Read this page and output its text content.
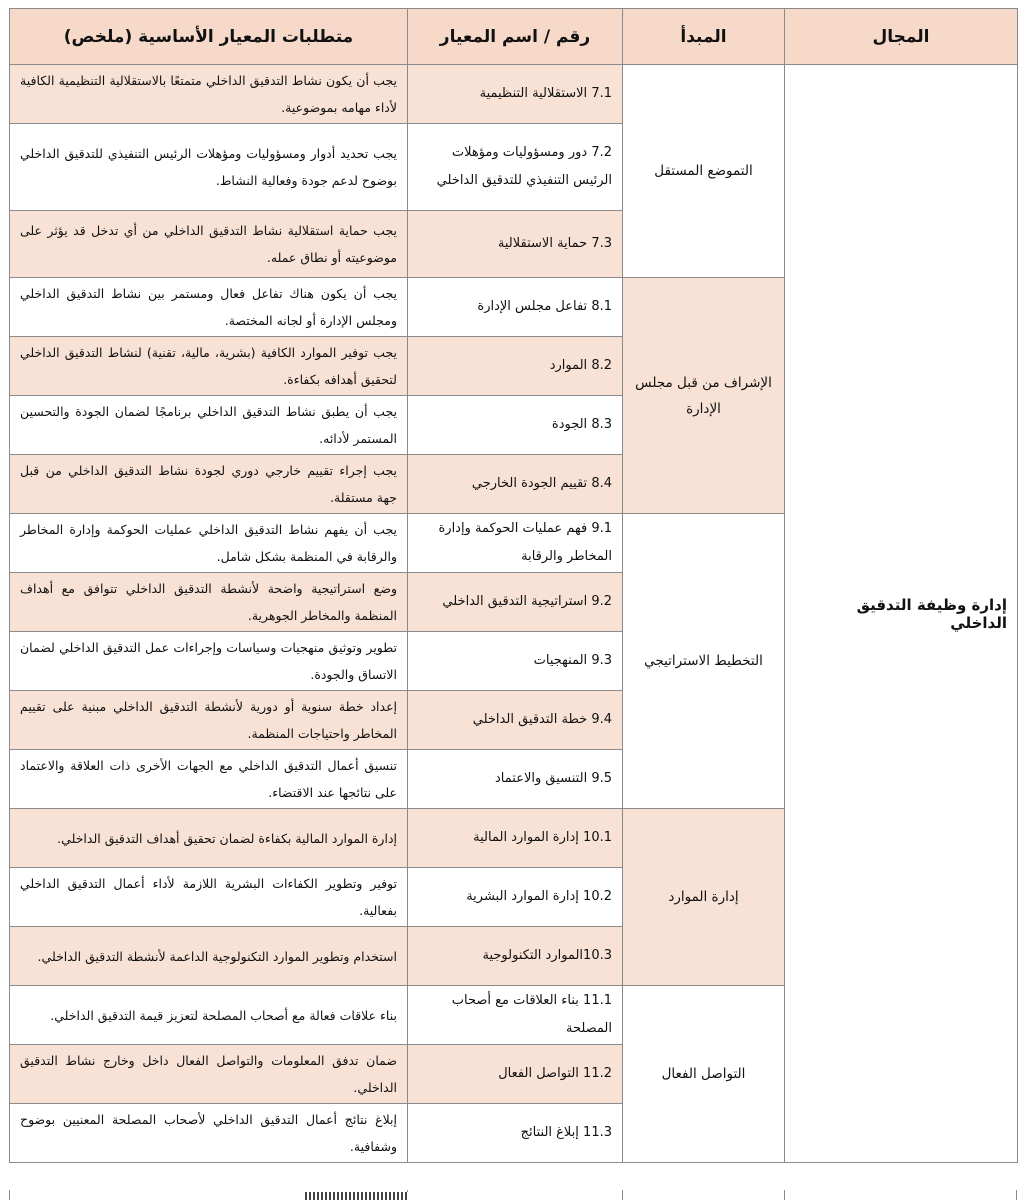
المجال	المبدأ	رقم / اسم المعيار	متطلبات المعيار الأساسية (ملخص)
إدارة وظيفة التدقيق الداخلي	التموضع المستقل	7.1 الاستقلالية التنظيمية	يجب أن يكون نشاط التدقيق الداخلي متمتعًا بالاستقلالية التنظيمية الكافية لأداء مهامه بموضوعية.
		7.2 دور ومسؤوليات ومؤهلات الرئيس التنفيذي للتدقيق الداخلي	يجب تحديد أدوار ومسؤوليات ومؤهلات الرئيس التنفيذي للتدقيق الداخلي بوضوح لدعم جودة وفعالية النشاط.
		7.3 حماية الاستقلالية	يجب حماية استقلالية نشاط التدقيق الداخلي من أي تدخل قد يؤثر على موضوعيته أو نطاق عمله.
	الإشراف من قبل مجلس الإدارة	8.1 تفاعل مجلس الإدارة	يجب أن يكون هناك تفاعل فعال ومستمر بين نشاط التدقيق الداخلي ومجلس الإدارة أو لجانه المختصة.
		8.2 الموارد	يجب توفير الموارد الكافية (بشرية، مالية، تقنية) لنشاط التدقيق الداخلي لتحقيق أهدافه بكفاءة.
		8.3 الجودة	يجب أن يطبق نشاط التدقيق الداخلي برنامجًا لضمان الجودة والتحسين المستمر لأدائه.
		8.4 تقييم الجودة الخارجي	يجب إجراء تقييم خارجي دوري لجودة نشاط التدقيق الداخلي من قبل جهة مستقلة.
	التخطيط الاستراتيجي	9.1 فهم عمليات الحوكمة وإدارة المخاطر والرقابة	يجب أن يفهم نشاط التدقيق الداخلي عمليات الحوكمة وإدارة المخاطر والرقابة في المنظمة بشكل شامل.
		9.2 استراتيجية التدقيق الداخلي	وضع استراتيجية واضحة لأنشطة التدقيق الداخلي تتوافق مع أهداف المنظمة والمخاطر الجوهرية.
		9.3 المنهجيات	تطوير وتوثيق منهجيات وسياسات وإجراءات عمل التدقيق الداخلي لضمان الاتساق والجودة.
		9.4 خطة التدقيق الداخلي	إعداد خطة سنوية أو دورية لأنشطة التدقيق الداخلي مبنية على تقييم المخاطر واحتياجات المنظمة.
		9.5 التنسيق والاعتماد	تنسيق أعمال التدقيق الداخلي مع الجهات الأخرى ذات العلاقة والاعتماد على نتائجها عند الاقتضاء.
	إدارة الموارد	10.1 إدارة الموارد المالية	إدارة الموارد المالية بكفاءة لضمان تحقيق أهداف التدقيق الداخلي.
		10.2 إدارة الموارد البشرية	توفير وتطوير الكفاءات البشرية اللازمة لأداء أعمال التدقيق الداخلي بفعالية.
		10.3الموارد التكنولوجية	استخدام وتطوير الموارد التكنولوجية الداعمة لأنشطة التدقيق الداخلي.
	التواصل الفعال	11.1 بناء العلاقات مع أصحاب المصلحة	بناء علاقات فعالة مع أصحاب المصلحة لتعزيز قيمة التدقيق الداخلي.
		11.2 التواصل الفعال	ضمان تدفق المعلومات والتواصل الفعال داخل وخارج نشاط التدقيق الداخلي.
		11.3 إبلاغ النتائج	إبلاغ نتائج أعمال التدقيق الداخلي لأصحاب المصلحة المعنيين بوضوح وشفافية.
